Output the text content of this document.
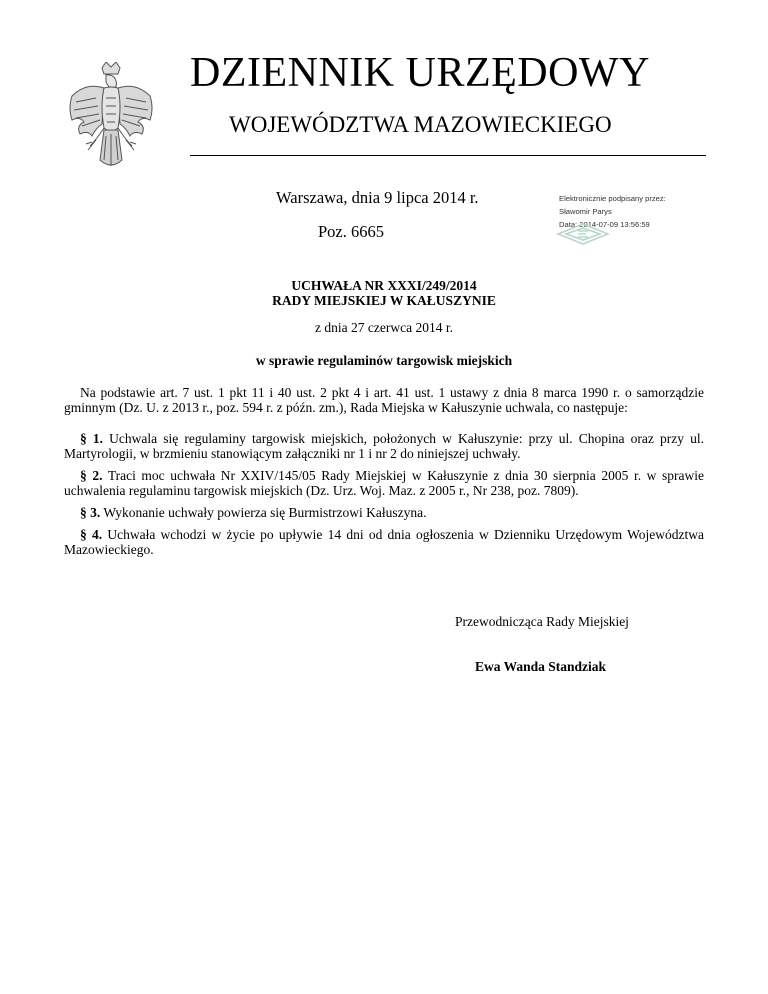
DZIENNIK URZĘDOWY
WOJEWÓDZTWA MAZOWIECKIEGO
Warszawa, dnia 9 lipca 2014 r.
Poz. 6665
Elektronicznie podpisany przez:
Sławomir Parys
Data: 2014-07-09 13:56:59
UCHWAŁA NR XXXI/249/2014
RADY MIEJSKIEJ W KAŁUSZYNIE
z dnia 27 czerwca 2014 r.
w sprawie regulaminów targowisk miejskich
Na podstawie art. 7 ust. 1 pkt 11 i 40 ust. 2 pkt 4 i art. 41 ust. 1 ustawy z dnia 8 marca 1990 r. o samorządzie gminnym (Dz. U. z 2013 r., poz. 594 r. z późn. zm.), Rada Miejska w Kałuszynie uchwala, co następuje:
§ 1. Uchwala się regulaminy targowisk miejskich, położonych w Kałuszynie: przy ul. Chopina oraz przy ul. Martyrologii, w brzmieniu stanowiącym załączniki nr 1 i nr 2 do niniejszej uchwały.
§ 2. Traci moc uchwała Nr XXIV/145/05 Rady Miejskiej w Kałuszynie z dnia 30 sierpnia 2005 r. w sprawie uchwalenia regulaminu targowisk miejskich (Dz. Urz. Woj. Maz. z 2005 r., Nr 238, poz. 7809).
§ 3. Wykonanie uchwały powierza się Burmistrzowi Kałuszyna.
§ 4. Uchwała wchodzi w życie po upływie 14 dni od dnia ogłoszenia w Dzienniku Urzędowym Województwa Mazowieckiego.
Przewodnicząca Rady Miejskiej
Ewa Wanda Standziak
